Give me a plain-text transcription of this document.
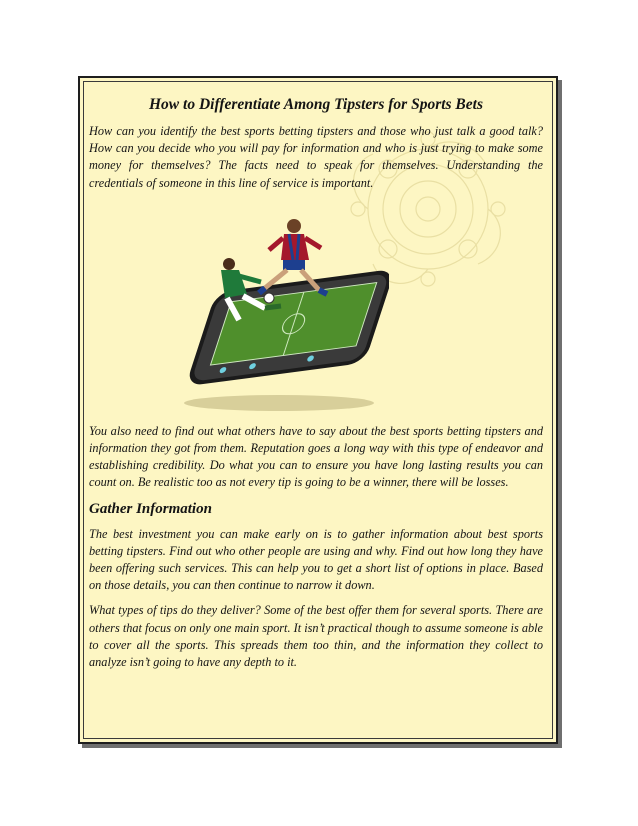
How to Differentiate Among Tipsters for Sports Bets

How can you identify the best sports betting tipsters and those who just talk a good talk? How can you decide who you will pay for information and who is just trying to make some money for themselves? The facts need to speak for themselves. Understanding the credentials of someone in this line of service is important.

You also need to find out what others have to say about the best sports betting tipsters and information they got from them. Reputation goes a long way with this type of endeavor and establishing credibility. Do what you can to ensure you have long lasting results you can count on. Be realistic too as not every tip is going to be a winner, there will be losses.

Gather Information

The best investment you can make early on is to gather information about best sports betting tipsters. Find out who other people are using and why. Find out how long they have been offering such services. This can help you to get a short list of options in place. Based on those details, you can then continue to narrow it down.

What types of tips do they deliver? Some of the best offer them for several sports. There are others that focus on only one main sport. It isn’t practical though to assume someone is able to cover all the sports. This spreads them too thin, and the information they collect to analyze isn’t going to have any depth to it.
